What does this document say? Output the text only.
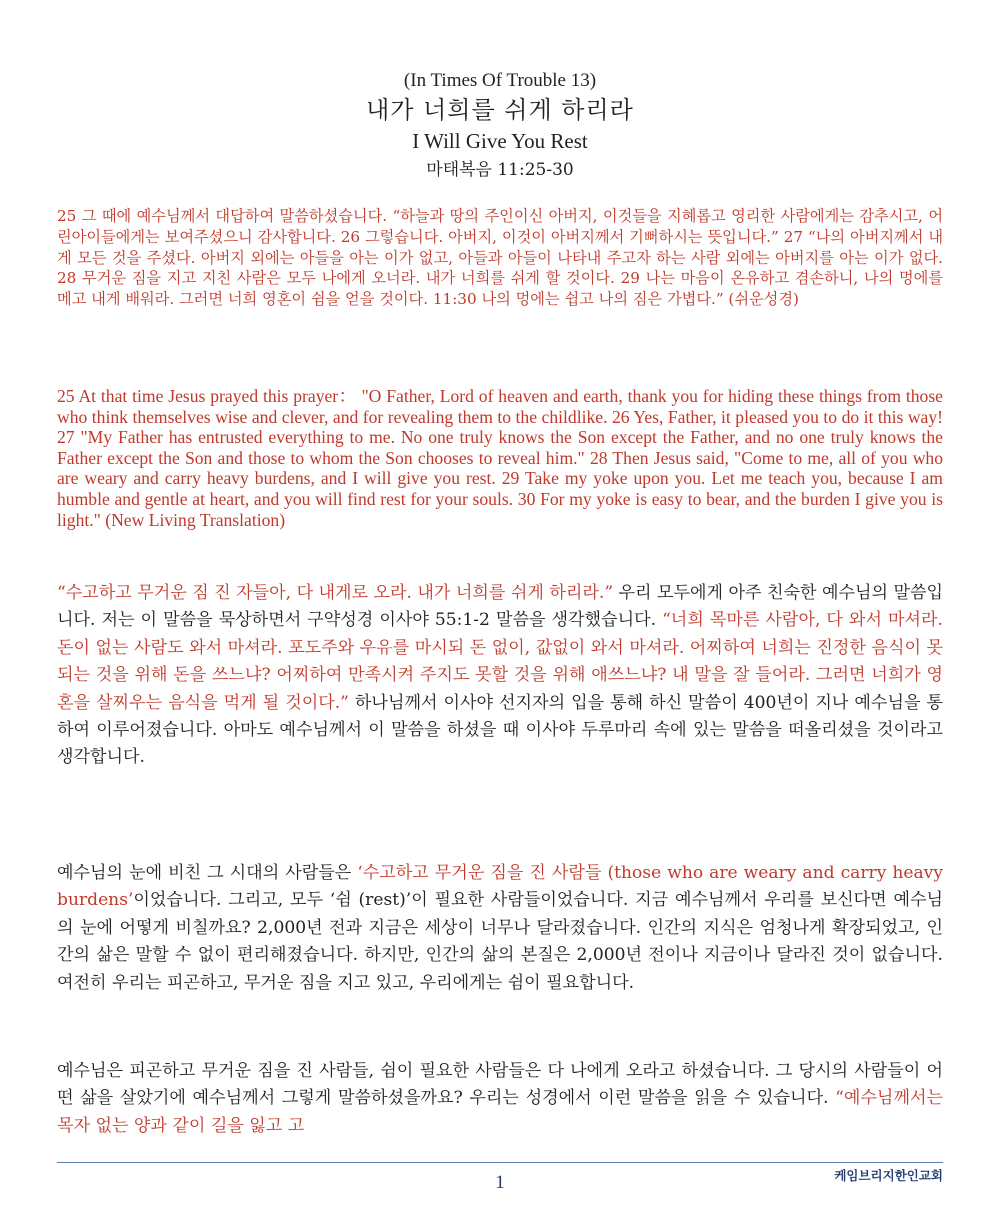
(In Times Of Trouble 13)
내가 너희를 쉬게 하리라
I Will Give You Rest
마태복음 11:25-30
25 그 때에 예수님께서 대답하여 말씀하셨습니다. “하늘과 땅의 주인이신 아버지, 이것들을 지혜롭고 영리한 사람에게는 감추시고, 어린아이들에게는 보여주셨으니 감사합니다. 26 그렇습니다. 아버지, 이것이 아버지께서 기뻐하시는 뜻입니다.” 27 “나의 아버지께서 내게 모든 것을 주셨다. 아버지 외에는 아들을 아는 이가 없고, 아들과 아들이 나타내 주고자 하는 사람 외에는 아버지를 아는 이가 없다. 28 무거운 짐을 지고 지친 사람은 모두 나에게 오너라. 내가 너희를 쉬게 할 것이다. 29 나는 마음이 온유하고 겸손하니, 나의 멍에를 메고 내게 배워라. 그러면 너희 영혼이 쉼을 얻을 것이다. 11:30 나의 멍에는 쉽고 나의 짐은 가볍다.” (쉬운성경)
25 At that time Jesus prayed this prayer： "O Father, Lord of heaven and earth, thank you for hiding these things from those who think themselves wise and clever, and for revealing them to the childlike. 26 Yes, Father, it pleased you to do it this way! 27 "My Father has entrusted everything to me. No one truly knows the Son except the Father, and no one truly knows the Father except the Son and those to whom the Son chooses to reveal him." 28 Then Jesus said, "Come to me, all of you who are weary and carry heavy burdens, and I will give you rest. 29 Take my yoke upon you. Let me teach you, because I am humble and gentle at heart, and you will find rest for your souls. 30 For my yoke is easy to bear, and the burden I give you is light." (New Living Translation)
“수고하고 무거운 짐 진 자들아, 다 내게로 오라. 내가 너희를 쉬게 하리라.” 우리 모두에게 아주 친숙한 예수님의 말씀입니다. 저는 이 말씀을 묵상하면서 구약성경 이사야 55:1-2 말씀을 생각했습니다. “너희 목마른 사람아, 다 와서 마셔라. 돈이 없는 사람도 와서 마셔라. 포도주와 우유를 마시되 돈 없이, 값없이 와서 마셔라. 어찌하여 너희는 진정한 음식이 못 되는 것을 위해 돈을 쓰느냐? 어찌하여 만족시켜 주지도 못할 것을 위해 애쓰느냐? 내 말을 잘 들어라. 그러면 너희가 영혼을 살찌우는 음식을 먹게 될 것이다.” 하나님께서 이사야 선지자의 입을 통해 하신 말씀이 400년이 지나 예수님을 통하여 이루어졌습니다. 아마도 예수님께서 이 말씀을 하셨을 때 이사야 두루마리 속에 있는 말씀을 떠올리셨을 것이라고 생각합니다.
예수님의 눈에 비친 그 시대의 사람들은 ‘수고하고 무거운 짐을 진 사람들 (those who are weary and carry heavy burdens’이었습니다. 그리고, 모두 ‘쉼 (rest)’이 필요한 사람들이었습니다. 지금 예수님께서 우리를 보신다면 예수님의 눈에 어떻게 비칠까요? 2,000년 전과 지금은 세상이 너무나 달라졌습니다. 인간의 지식은 엄청나게 확장되었고, 인간의 삶은 말할 수 없이 편리해졌습니다. 하지만, 인간의 삶의 본질은 2,000년 전이나 지금이나 달라진 것이 없습니다. 여전히 우리는 피곤하고, 무거운 짐을 지고 있고, 우리에게는 쉼이 필요합니다.
예수님은 피곤하고 무거운 짐을 진 사람들, 쉼이 필요한 사람들은 다 나에게 오라고 하셨습니다. 그 당시의 사람들이 어떤 삶을 살았기에 예수님께서 그렇게 말씀하셨을까요? 우리는 성경에서 이런 말씀을 읽을 수 있습니다. “예수님께서는 목자 없는 양과 같이 길을 잃고 고
1	케임브리지한인교회
